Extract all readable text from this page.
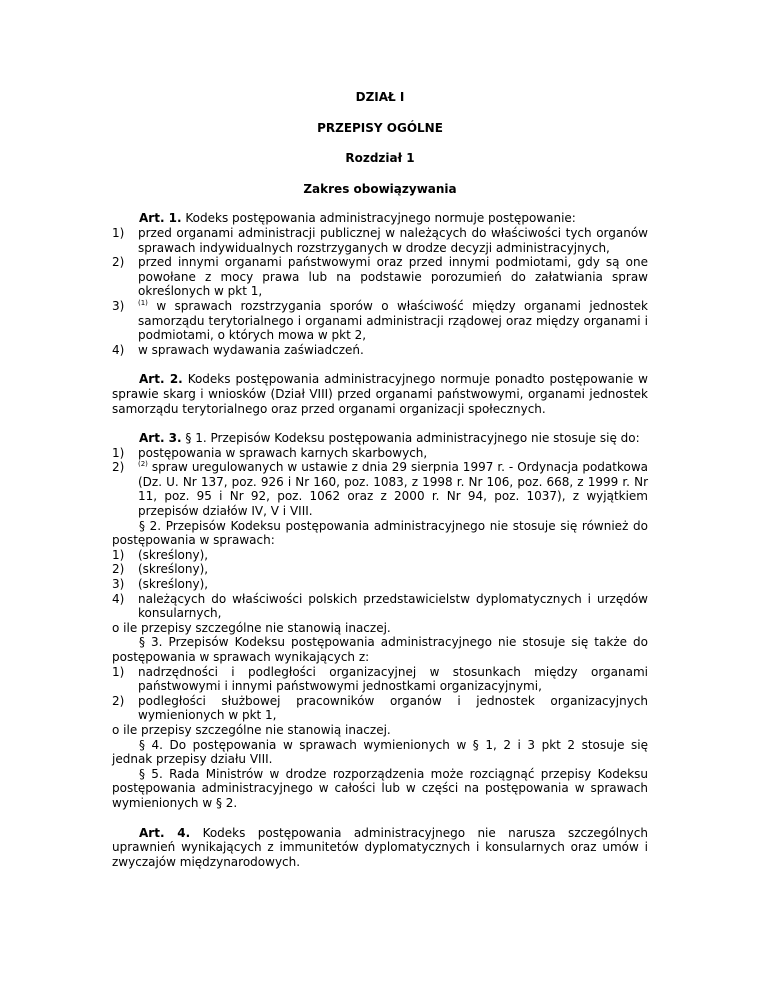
DZIAŁ I
PRZEPISY OGÓLNE
Rozdział 1
Zakres obowiązywania

Art. 1. Kodeks postępowania administracyjnego normuje postępowanie:

1) przed organami administracji publicznej w należących do właściwości tych organów sprawach indywidualnych rozstrzyganych w drodze decyzji administracyjnych,
2) przed innymi organami państwowymi oraz przed innymi podmiotami, gdy są one powołane z mocy prawa lub na podstawie porozumień do załatwiania spraw określonych w pkt 1,
3) $^{(1)}$ w sprawach rozstrzygania sporów o właściwość między organami jednostek samorządu terytorialnego i organami administracji rządowej oraz między organami i podmiotami, o których mowa w pkt 2,
4) w sprawach wydawania zaświadczeń.

Art. 2. Kodeks postępowania administracyjnego normuje ponadto postępowanie w sprawie skarg i wniosków (Dział VIII) przed organami państwowymi, organami jednostek samorządu terytorialnego oraz przed organami organizacji społecznych.

Art. 3. § 1. Przepisów Kodeksu postępowania administracyjnego nie stosuje się do:

1) postępowania w sprawach karnych skarbowych,
2) $^{(2)}$ spraw uregulowanych w ustawie z dnia 29 sierpnia 1997 r. - Ordynacja podatkowa (Dz. U. Nr 137, poz. 926 i Nr 160, poz. 1083, z 1998 r. Nr 106, poz. 668, z 1999 r. Nr 11, poz. 95 i Nr 92, poz. 1062 oraz z 2000 r. Nr 94, poz. 1037), z wyjątkiem przepisów działów IV, V i VIII.

§ 2. Przepisów Kodeksu postępowania administracyjnego nie stosuje się również do postępowania w sprawach:

1) (skreślony),
2) (skreślony),
3) (skreślony),
4) należących do właściwości polskich przedstawicielstw dyplomatycznych i urzędów konsularnych,

o ile przepisy szczególne nie stanowią inaczej.

§ 3. Przepisów Kodeksu postępowania administracyjnego nie stosuje się także do postępowania w sprawach wynikających z:

1) nadrzędności i podległości organizacyjnej w stosunkach między organami państwowymi i innymi państwowymi jednostkami organizacyjnymi,
2) podległości służbowej pracowników organów i jednostek organizacyjnych wymienionych w pkt 1,

o ile przepisy szczególne nie stanowią inaczej.

§ 4. Do postępowania w sprawach wymienionych w § 1, 2 i 3 pkt 2 stosuje się jednak przepisy działu VIII.

§ 5. Rada Ministrów w drodze rozporządzenia może rozciągnąć przepisy Kodeksu postępowania administracyjnego w całości lub w części na postępowania w sprawach wymienionych w § 2.

Art. 4. Kodeks postępowania administracyjnego nie narusza szczególnych uprawnień wynikających z immunitetów dyplomatycznych i konsularnych oraz umów i zwyczajów międzynarodowych.
